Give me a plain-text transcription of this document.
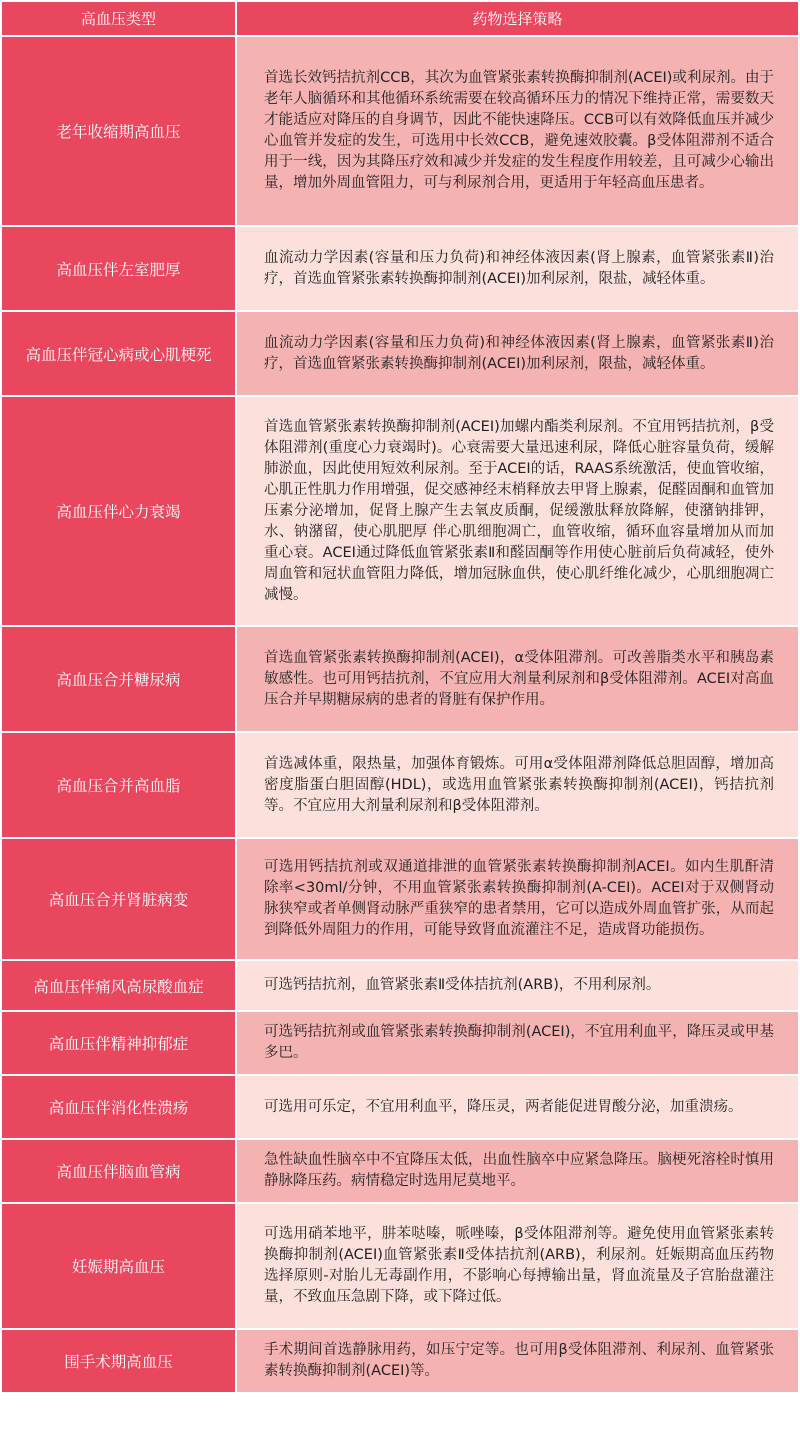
高血压类型	药物选择策略
老年收缩期高血压	首选长效钙拮抗剂CCB，其次为血管紧张素转换酶抑制剂(ACEI)或利尿剂。由于老年人脑循环和其他循环系统需要在较高循环压力的情况下维持正常，需要数天才能适应对降压的自身调节，因此不能快速降压。CCB可以有效降低血压并减少心血管并发症的发生，可选用中长效CCB，避免速效胶囊。β受体阻滞剂不适合用于一线，因为其降压疗效和减少并发症的发生程度作用较差，且可减少心输出量，增加外周血管阻力，可与利尿剂合用，更适用于年轻高血压患者。
高血压伴左室肥厚	血流动力学因素(容量和压力负荷)和神经体液因素(肾上腺素，血管紧张素Ⅱ)治疗，首选血管紧张素转换酶抑制剂(ACEI)加利尿剂，限盐，减轻体重。
高血压伴冠心病或心肌梗死	血流动力学因素(容量和压力负荷)和神经体液因素(肾上腺素，血管紧张素Ⅱ)治疗，首选血管紧张素转换酶抑制剂(ACEI)加利尿剂，限盐，减轻体重。
高血压伴心力衰竭	首选血管紧张素转换酶抑制剂(ACEI)加螺内酯类利尿剂。不宜用钙拮抗剂，β受体阻滞剂(重度心力衰竭时)。心衰需要大量迅速利尿，降低心脏容量负荷，缓解肺淤血，因此使用短效利尿剂。至于ACEI的话，RAAS系统激活，使血管收缩，心肌正性肌力作用增强，促交感神经末梢释放去甲肾上腺素，促醛固酮和血管加压素分泌增加，促肾上腺产生去氧皮质酮，促缓激肽释放降解，使潴钠排钾，水、钠潴留，使心肌肥厚 伴心肌细胞凋亡，血管收缩，循环血容量增加从而加重心衰。ACEI通过降低血管紧张素Ⅱ和醛固酮等作用使心脏前后负荷减轻，使外周血管和冠状血管阻力降低，增加冠脉血供，使心肌纤维化减少，心肌细胞凋亡减慢。
高血压合并糖尿病	首选血管紧张素转换酶抑制剂(ACEI)，α受体阻滞剂。可改善脂类水平和胰岛素敏感性。也可用钙拮抗剂，不宜应用大剂量利尿剂和β受体阻滞剂。ACEI对高血压合并早期糖尿病的患者的肾脏有保护作用。
高血压合并高血脂	首选减体重，限热量，加强体育锻炼。可用α受体阻滞剂降低总胆固醇，增加高密度脂蛋白胆固醇(HDL)，或选用血管紧张素转换酶抑制剂(ACEI)，钙拮抗剂等。不宜应用大剂量利尿剂和β受体阻滞剂。
高血压合并肾脏病变	可选用钙拮抗剂或双通道排泄的血管紧张素转换酶抑制剂ACEI。如内生肌酐清除率<30ml/分钟，不用血管紧张素转换酶抑制剂(A-CEI)。ACEI对于双侧肾动脉狭窄或者单侧肾动脉严重狭窄的患者禁用，它可以造成外周血管扩张，从而起到降低外周阻力的作用，可能导致肾血流灌注不足，造成肾功能损伤。
高血压伴痛风高尿酸血症	可选钙拮抗剂，血管紧张素Ⅱ受体拮抗剂(ARB)，不用利尿剂。
高血压伴精神抑郁症	可选钙拮抗剂或血管紧张素转换酶抑制剂(ACEI)，不宜用利血平，降压灵或甲基多巴。
高血压伴消化性溃疡	可选用可乐定，不宜用利血平，降压灵，两者能促进胃酸分泌，加重溃疡。
高血压伴脑血管病	急性缺血性脑卒中不宜降压太低，出血性脑卒中应紧急降压。脑梗死溶栓时慎用静脉降压药。病情稳定时选用尼莫地平。
妊娠期高血压	可选用硝苯地平，肼苯哒嗪，哌唑嗪，β受体阻滞剂等。避免使用血管紧张素转换酶抑制剂(ACEI)血管紧张素Ⅱ受体拮抗剂(ARB)，利尿剂。妊娠期高血压药物选择原则-对胎儿无毒副作用，不影响心每搏输出量，肾血流量及子宫胎盘灌注量，不致血压急剧下降，或下降过低。
围手术期高血压	手术期间首选静脉用药，如压宁定等。也可用β受体阻滞剂、利尿剂、血管紧张素转换酶抑制剂(ACEI)等。
